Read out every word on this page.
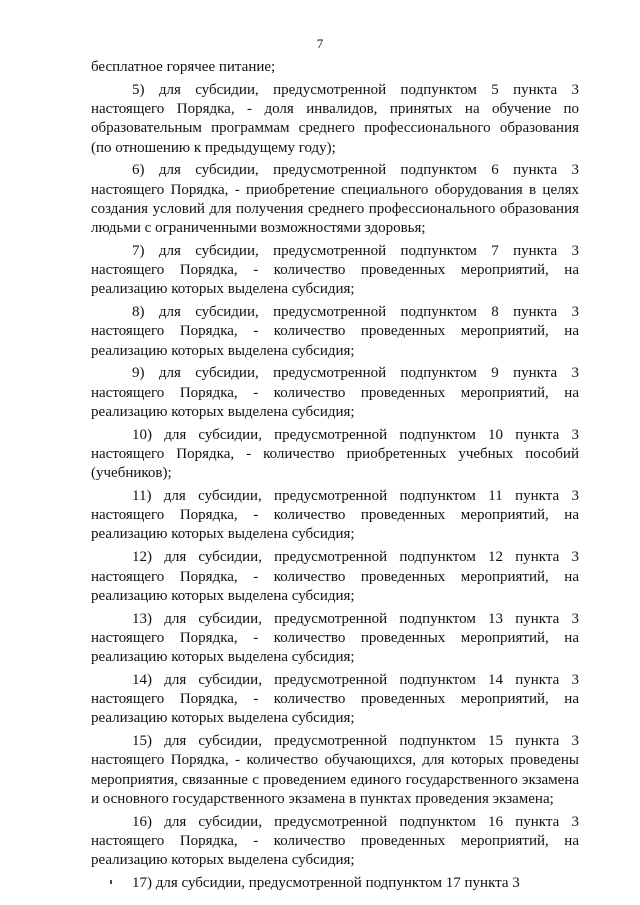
7

бесплатное горячее питание;

5) для субсидии, предусмотренной подпунктом 5 пункта 3 настоящего Порядка, - доля инвалидов, принятых на обучение по образовательным программам среднего профессионального образования (по отношению к предыдущему году);

6) для субсидии, предусмотренной подпунктом 6 пункта 3 настоящего Порядка, - приобретение специального оборудования в целях создания условий для получения среднего профессионального образования людьми с ограниченными возможностями здоровья;

7) для субсидии, предусмотренной подпунктом 7 пункта 3 настоящего Порядка, - количество проведенных мероприятий, на реализацию которых выделена субсидия;

8) для субсидии, предусмотренной подпунктом 8 пункта 3 настоящего Порядка, - количество проведенных мероприятий, на реализацию которых выделена субсидия;

9) для субсидии, предусмотренной подпунктом 9 пункта 3 настоящего Порядка, - количество проведенных мероприятий, на реализацию которых выделена субсидия;

10) для субсидии, предусмотренной подпунктом 10 пункта 3 настоящего Порядка, - количество приобретенных учебных пособий (учебников);

11) для субсидии, предусмотренной подпунктом 11 пункта 3 настоящего Порядка, - количество проведенных мероприятий, на реализацию которых выделена субсидия;

12) для субсидии, предусмотренной подпунктом 12 пункта 3 настоящего Порядка, - количество проведенных мероприятий, на реализацию которых выделена субсидия;

13) для субсидии, предусмотренной подпунктом 13 пункта 3 настоящего Порядка, - количество проведенных мероприятий, на реализацию которых выделена субсидия;

14) для субсидии, предусмотренной подпунктом 14 пункта 3 настоящего Порядка, - количество проведенных мероприятий, на реализацию которых выделена субсидия;

15) для субсидии, предусмотренной подпунктом 15 пункта 3 настоящего Порядка, - количество обучающихся, для которых проведены мероприятия, связанные с проведением единого государственного экзамена и основного государственного экзамена в пунктах проведения экзамена;

16) для субсидии, предусмотренной подпунктом 16 пункта 3 настоящего Порядка, - количество проведенных мероприятий, на реализацию которых выделена субсидия;

17) для субсидии, предусмотренной подпунктом 17 пункта 3
